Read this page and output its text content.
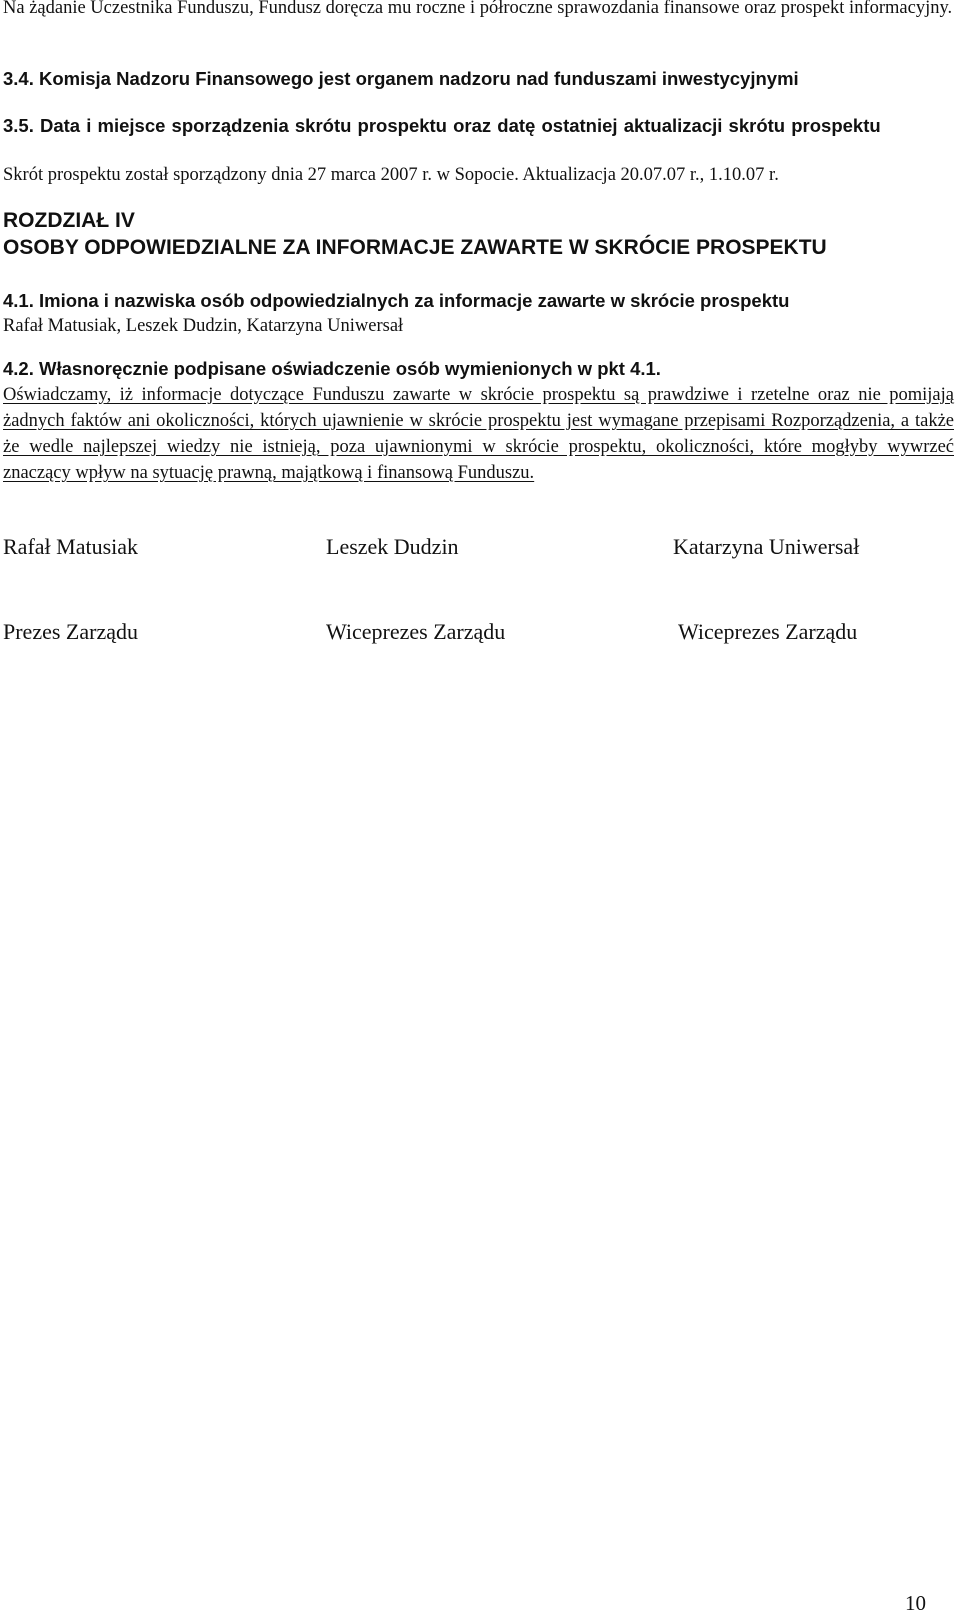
Na żądanie Uczestnika Funduszu, Fundusz doręcza mu roczne i półroczne sprawozdania finansowe oraz prospekt informacyjny.

3.4. Komisja Nadzoru Finansowego jest organem nadzoru nad funduszami inwestycyjnymi

3.5. Data i miejsce sporządzenia skrótu prospektu oraz datę ostatniej aktualizacji skrótu prospektu

Skrót prospektu został sporządzony dnia 27 marca 2007 r. w Sopocie. Aktualizacja 20.07.07 r., 1.10.07 r.

ROZDZIAŁ IV

OSOBY ODPOWIEDZIALNE ZA INFORMACJE ZAWARTE W SKRÓCIE PROSPEKTU

4.1. Imiona i nazwiska osób odpowiedzialnych za informacje zawarte w skrócie prospektu

Rafał Matusiak, Leszek Dudzin, Katarzyna Uniwersał

4.2. Własnoręcznie podpisane oświadczenie osób wymienionych w pkt 4.1.

Oświadczamy, iż informacje dotyczące Funduszu zawarte w skrócie prospektu są prawdziwe i rzetelne oraz nie pomijają żadnych faktów ani okoliczności, których ujawnienie w skrócie prospektu jest wymagane przepisami Rozporządzenia, a także że wedle najlepszej wiedzy nie istnieją, poza ujawnionymi w skrócie prospektu, okoliczności, które mogłyby wywrzeć znaczący wpływ na sytuację prawną, majątkową i finansową Funduszu.

Rafał Matusiak	Leszek Dudzin	Katarzyna Uniwersał
Prezes Zarządu	Wiceprezes Zarządu	Wiceprezes Zarządu
10
